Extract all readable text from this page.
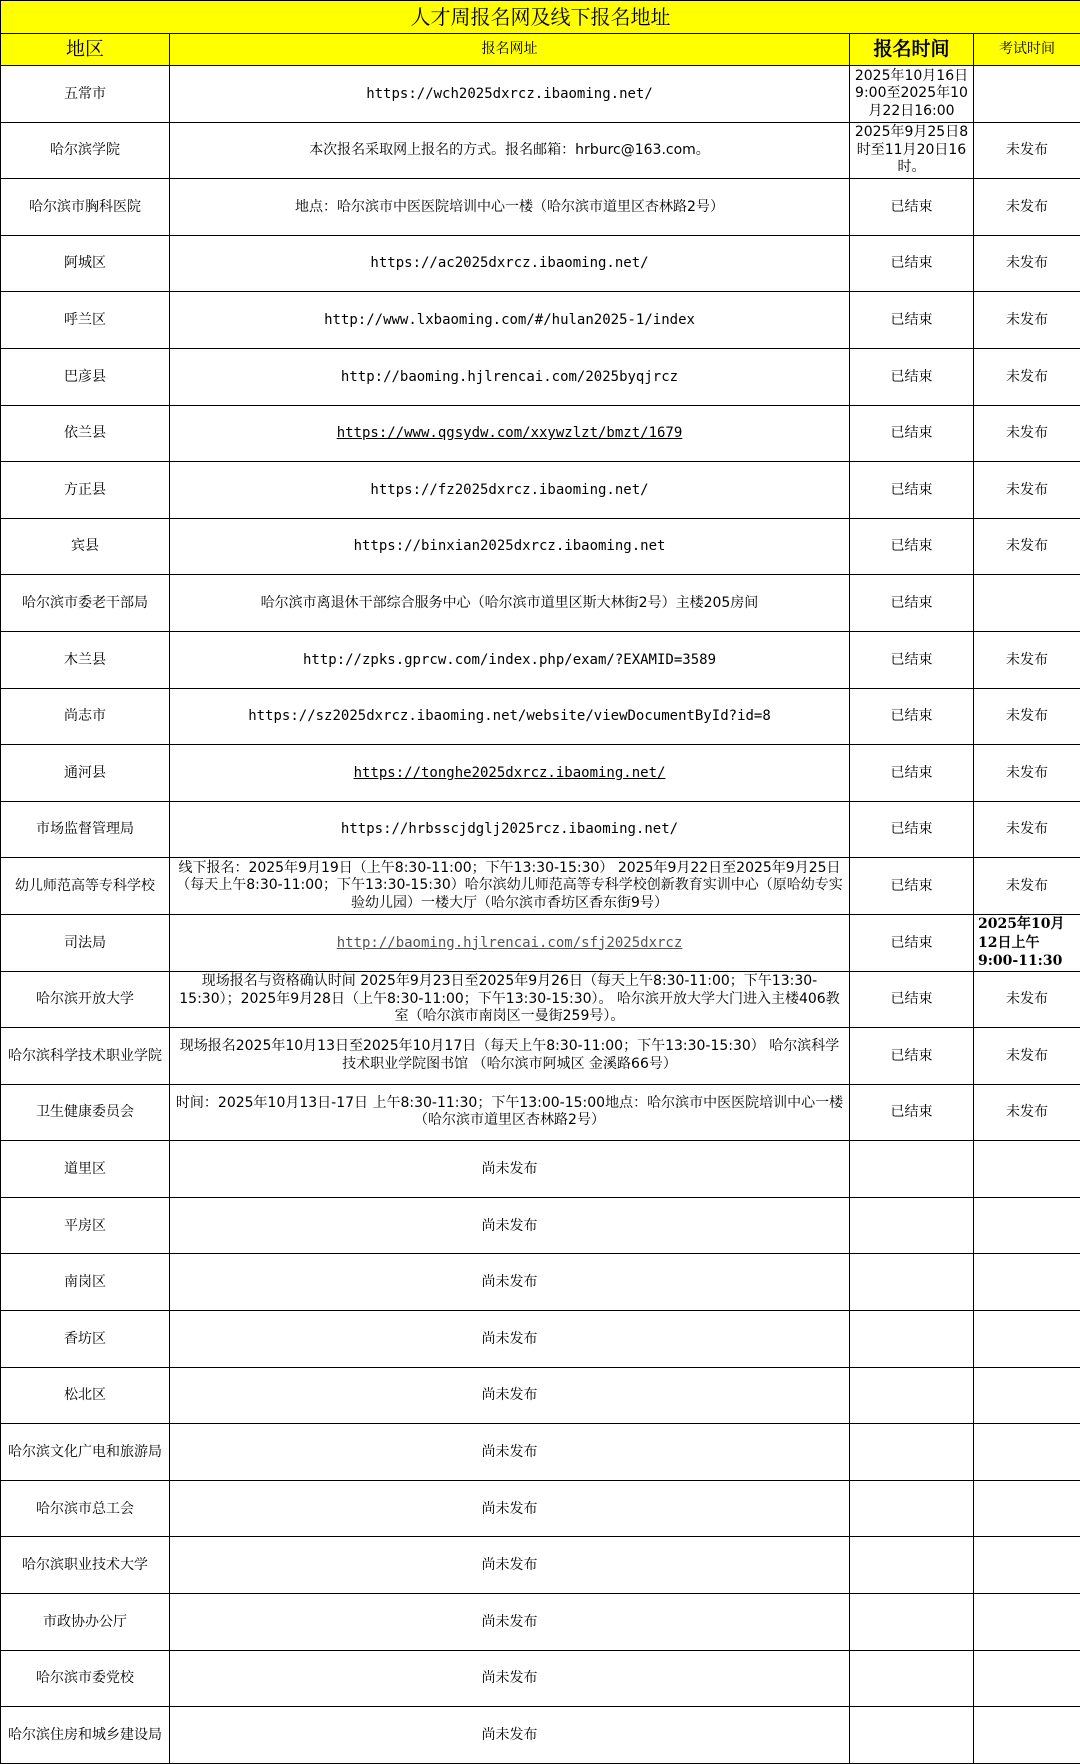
人才周报名网及线下报名地址			
地区	报名网址	报名时间	考试时间
五常市	https://wch2025dxrcz.ibaoming.net/	2025年10月16日9:00至2025年10月22日16:00	
哈尔滨学院	本次报名采取网上报名的方式。报名邮箱：hrburc@163.com。	2025年9月25日8时至11月20日16时。	未发布
哈尔滨市胸科医院	地点：哈尔滨市中医医院培训中心一楼（哈尔滨市道里区杏林路2号）	已结束	未发布
阿城区	https://ac2025dxrcz.ibaoming.net/	已结束	未发布
呼兰区	http://www.lxbaoming.com/#/hulan2025-1/index	已结束	未发布
巴彦县	http://baoming.hjlrencai.com/2025byqjrcz	已结束	未发布
依兰县	https://www.qgsydw.com/xxywzlzt/bmzt/1679	已结束	未发布
方正县	https://fz2025dxrcz.ibaoming.net/	已结束	未发布
宾县	https://binxian2025dxrcz.ibaoming.net	已结束	未发布
哈尔滨市委老干部局	哈尔滨市离退休干部综合服务中心（哈尔滨市道里区斯大林街2号）主楼205房间	已结束	
木兰县	http://zpks.gprcw.com/index.php/exam/?EXAMID=3589	已结束	未发布
尚志市	https://sz2025dxrcz.ibaoming.net/website/viewDocumentById?id=8	已结束	未发布
通河县	https://tonghe2025dxrcz.ibaoming.net/	已结束	未发布
市场监督管理局	https://hrbsscjdglj2025rcz.ibaoming.net/	已结束	未发布
幼儿师范高等专科学校	线下报名：2025年9月19日（上午8:30-11:00；下午13:30-15:30） 2025年9月22日至2025年9月25日（每天上午8:30-11:00；下午13:30-15:30）哈尔滨幼儿师范高等专科学校创新教育实训中心（原哈幼专实验幼儿园）一楼大厅（哈尔滨市香坊区香东街9号）	已结束	未发布
司法局	http://baoming.hjlrencai.com/sfj2025dxrcz	已结束	2025年10月12日上午9:00-11:30
哈尔滨开放大学	现场报名与资格确认时间 2025年9月23日至2025年9月26日（每天上午8:30-11:00；下午13:30-15:30）；2025年9月28日（上午8:30-11:00；下午13:30-15:30）。 哈尔滨开放大学大门进入主楼406教室（哈尔滨市南岗区一曼街259号）。	已结束	未发布
哈尔滨科学技术职业学院	现场报名2025年10月13日至2025年10月17日（每天上午8:30-11:00；下午13:30-15:30） 哈尔滨科学技术职业学院图书馆 （哈尔滨市阿城区 金溪路66号）	已结束	未发布
卫生健康委员会	时间：2025年10月13日-17日 上午8:30-11:30；下午13:00-15:00地点：哈尔滨市中医医院培训中心一楼（哈尔滨市道里区杏林路2号）	已结束	未发布
道里区	尚未发布		
平房区	尚未发布		
南岗区	尚未发布		
香坊区	尚未发布		
松北区	尚未发布		
哈尔滨文化广电和旅游局	尚未发布		
哈尔滨市总工会	尚未发布		
哈尔滨职业技术大学	尚未发布		
市政协办公厅	尚未发布		
哈尔滨市委党校	尚未发布		
哈尔滨住房和城乡建设局	尚未发布		
